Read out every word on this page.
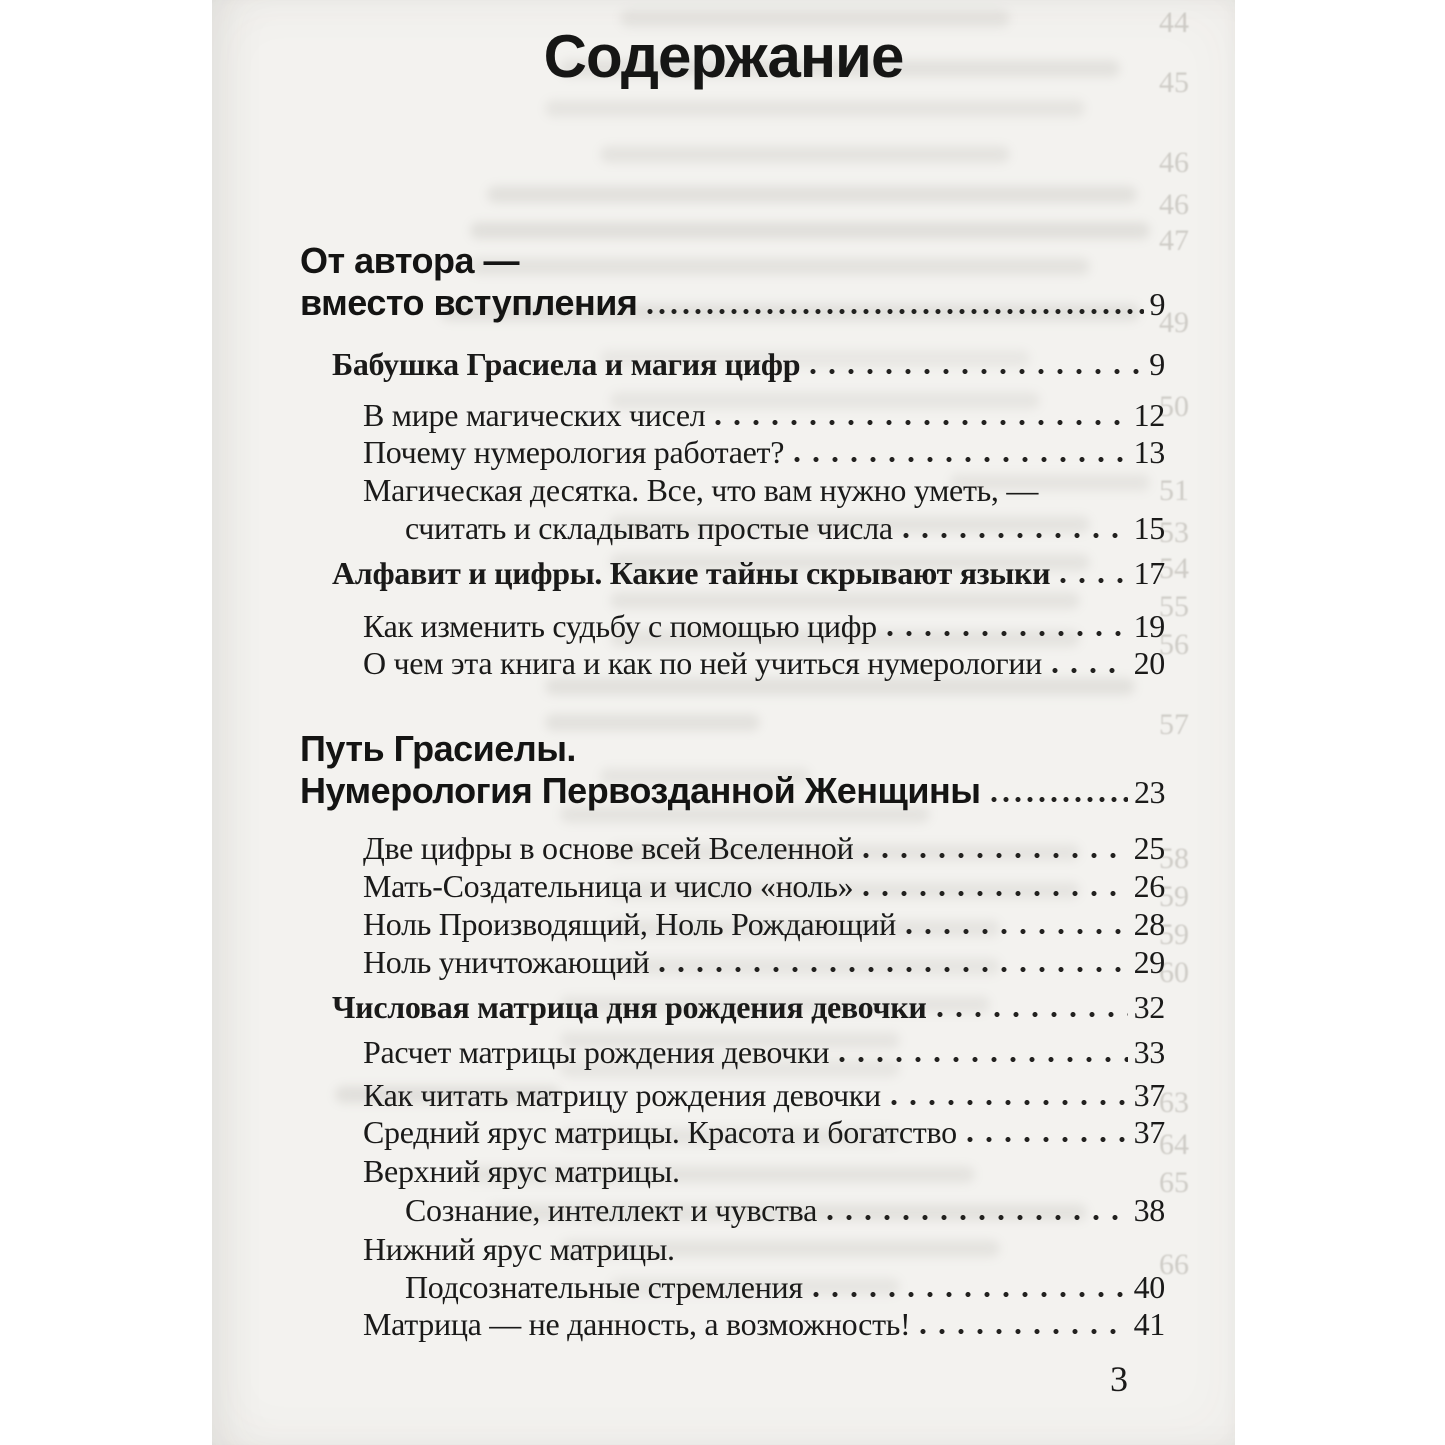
44
45
46
46
47
49
50
51
53
54
55
56
57
58
59
59
60
63
64
65
66
Содержание
От автора —
вместо вступления	9
Бабушка Грасиела и магия цифр	9
В мире магических чисел	12
Почему нумерология работает?	13
Магическая десятка. Все, что вам нужно уметь, —
считать и складывать простые числа	15
Алфавит и цифры. Какие тайны скрывают языки	17
Как изменить судьбу с помощью цифр	19
О чем эта книга и как по ней учиться нумерологии	20
Путь Грасиелы.
Нумерология Первозданной Женщины	23
Две цифры в основе всей Вселенной	25
Мать-Создательница и число «ноль»	26
Ноль Производящий, Ноль Рождающий	28
Ноль уничтожающий	29
Числовая матрица дня рождения девочки	32
Расчет матрицы рождения девочки	33
Как читать матрицу рождения девочки	37
Средний ярус матрицы. Красота и богатство	37
Верхний ярус матрицы.
Сознание, интеллект и чувства	38
Нижний ярус матрицы.
Подсознательные стремления	40
Матрица — не данность, а возможность!	41
3
